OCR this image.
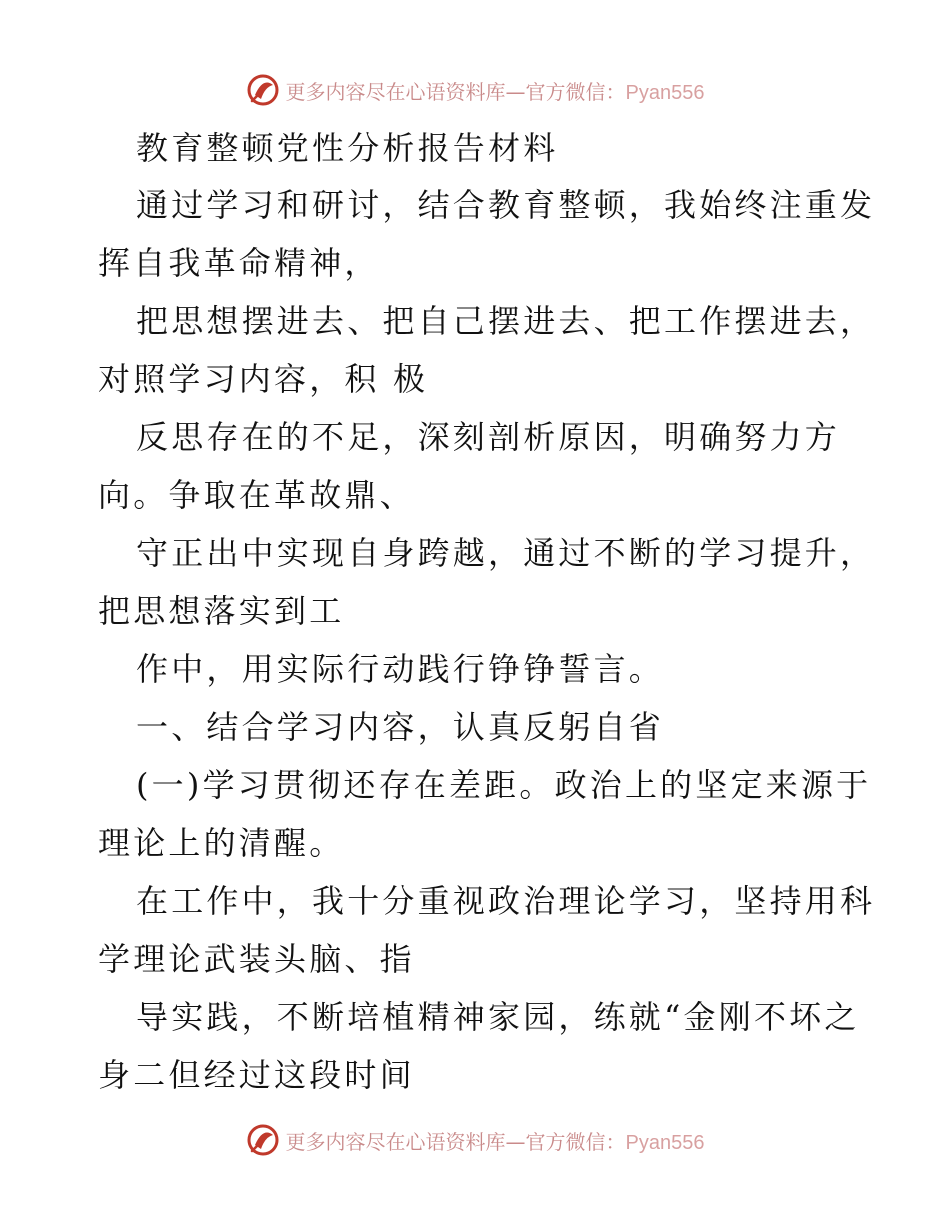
更多内容尽在心语资料库—官方微信：Pyan556
教育整顿党性分析报告材料
通过学习和研讨，结合教育整顿，我始终注重发
挥自我革命精神，
把思想摆进去、把自己摆进去、把工作摆进去，
对照学习内容，积 极
反思存在的不足，深刻剖析原因，明确努力方
向。争取在革故鼎、
守正出中实现自身跨越，通过不断的学习提升，
把思想落实到工
作中，用实际行动践行铮铮誓言。
一、结合学习内容，认真反躬自省
(一)学习贯彻还存在差距。政治上的坚定来源于
理论上的清醒。
在工作中，我十分重视政治理论学习，坚持用科
学理论武装头脑、指
导实践，不断培植精神家园，练就“金刚不坏之
身二但经过这段时间
更多内容尽在心语资料库—官方微信：Pyan556
